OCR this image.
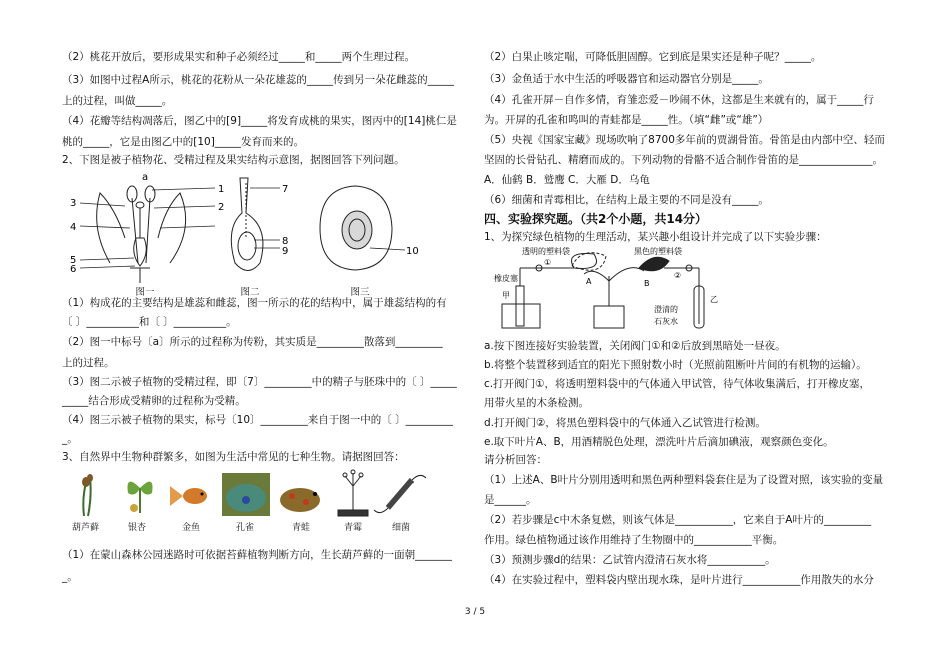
（2）桃花开放后，要形成果实和种子必须经过_____和_____两个生理过程。
（3）如图中过程A所示，桃花的花粉从一朵花雄蕊的_____传到另一朵花雌蕊的_____
上的过程，叫做_____。
（4）花瓣等结构凋落后，图乙中的[9]_____将发育成桃的果实，图丙中的[14]桃仁是
桃的_____，它是由图乙中的[10]_____发育而来的。
2、下图是被子植物花、受精过程及果实结构示意图，据图回答下列问题。
a
1
2
3
4
5
6
7
8
9	10
图一	图二	图三
（1）构成花的主要结构是雄蕊和雌蕊，图一所示的花的结构中，属于雄蕊结构的有
〔 〕__________和〔 〕__________。
（2）图一中标号〔a〕所示的过程称为传粉，其实质是_________散落到_________
上的过程。
（3）图二示被子植物的受精过程，即〔7〕_________中的精子与胚珠中的〔 〕_____
_____结合形成受精卵的过程称为受精。
（4）图三示被子植物的果实，标号〔10〕_________来自于图一中的〔 〕_________
_。
3、自然界中生物种群繁多，如图为生活中常见的七种生物。请据图回答：
葫芦藓	银杏	金鱼	孔雀	青蛙	青霉	细菌
（1）在蒙山森林公园迷路时可依据苔藓植物判断方向，生长葫芦藓的一面朝_______
_。
（2）白果止咳定喘，可降低胆固醇。它到底是果实还是种子呢？_____。
（3）金鱼适于水中生活的呼吸器官和运动器官分别是_____。
（4）孔雀开屏－自作多情，育雏恋爱－吵闹不休，这都是生来就有的，属于_____行
为。开屏的孔雀和鸣叫的青蛙都是_____性。（填“雌”或“雄”）
（5）央视《国家宝藏》现场吹响了8700多年前的贾湖骨笛。骨笛是由内部中空、轻而
坚固的长骨钻孔、精磨而成的。下列动物的骨骼不适合制作骨笛的是______________。
A．仙鹤 B．鹫鹰 C．大雁 D．乌龟
（6）细菌和青霉相比，在结构上最主要的不同是没有_____。
四、实验探究题。（共2个小题，共14分）
1、为探究绿色植物的生理活动，某兴趣小组设计并完成了以下实验步骤：
透明的塑料袋	黑色的塑料袋
橡皮塞
甲
①
A	B
②
澄清的
石灰水
乙
a.按下图连接好实验装置，关闭阀门①和②后放到黑暗处一昼夜。
b.将整个装置移到适宜的阳光下照射数小时（光照前阻断叶片间的有机物的运输）。
c.打开阀门①，将透明塑料袋中的气体通入甲试管，待气体收集满后，打开橡皮塞，
用带火星的木条检测。
d.打开阀门②，将黑色塑料袋中的气体通入乙试管进行检测。
e.取下叶片A、B，用酒精脱色处理，漂洗叶片后滴加碘液，观察颜色变化。
请分析回答：
（1）上述A、B叶片分别用透明和黑色两种塑料袋套住是为了设置对照，该实验的变量
是______。
（2）若步骤是c中木条复燃，则该气体是___________，它来自于A叶片的_________
作用。绿色植物通过该作用维持了生物圈中的___________平衡。
（3）预测步骤d的结果：乙试管内澄清石灰水将___________。
（4）在实验过程中，塑料袋内壁出现水珠，是叶片进行___________作用散失的水分
3 / 5
